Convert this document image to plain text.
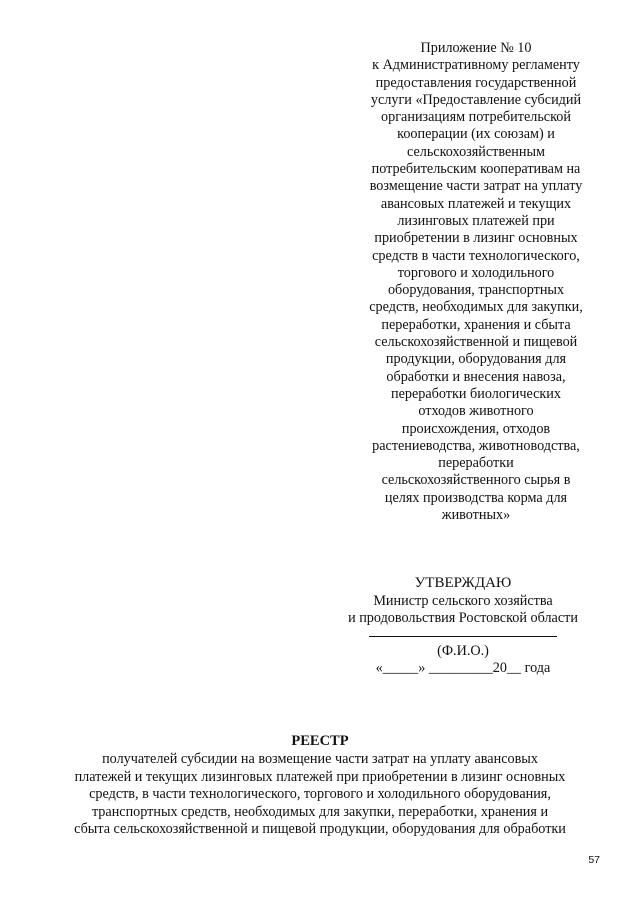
Приложение № 10
к Административному регламенту
предоставления государственной
услуги «Предоставление субсидий
организациям потребительской
кооперации (их союзам) и
сельскохозяйственным
потребительским кооперативам на
возмещение части затрат на уплату
авансовых платежей и текущих
лизинговых платежей при
приобретении в лизинг основных
средств в части технологического,
торгового и холодильного
оборудования, транспортных
средств, необходимых для закупки,
переработки, хранения и сбыта
сельскохозяйственной и пищевой
продукции, оборудования для
обработки и внесения навоза,
переработки биологических
отходов животного
происхождения, отходов
растениеводства, животноводства,
переработки
сельскохозяйственного сырья в
целях производства корма для
животных»
УТВЕРЖДАЮ
Министр сельского хозяйства
и продовольствия Ростовской области
(Ф.И.О.)
«_____» _________20__ года
РЕЕСТР
получателей субсидии на возмещение части затрат на уплату авансовых
платежей и текущих лизинговых платежей при приобретении в лизинг основных
средств, в части технологического, торгового и холодильного оборудования,
транспортных средств, необходимых для закупки, переработки, хранения и
сбыта сельскохозяйственной и пищевой продукции, оборудования для обработки
57
